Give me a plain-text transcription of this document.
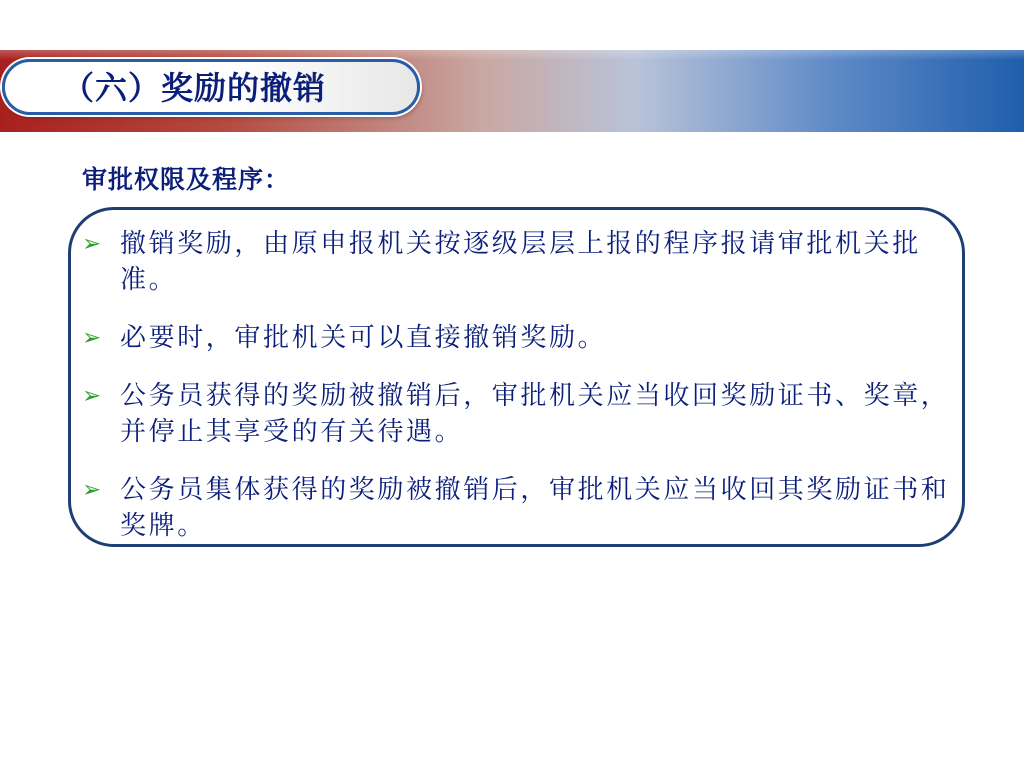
（六）奖励的撤销
审批权限及程序：
➢ 撤销奖励，由原申报机关按逐级层层上报的程序报请审批机关批准。
➢ 必要时，审批机关可以直接撤销奖励。
➢ 公务员获得的奖励被撤销后，审批机关应当收回奖励证书、奖章，并停止其享受的有关待遇。
➢ 公务员集体获得的奖励被撤销后，审批机关应当收回其奖励证书和奖牌。
